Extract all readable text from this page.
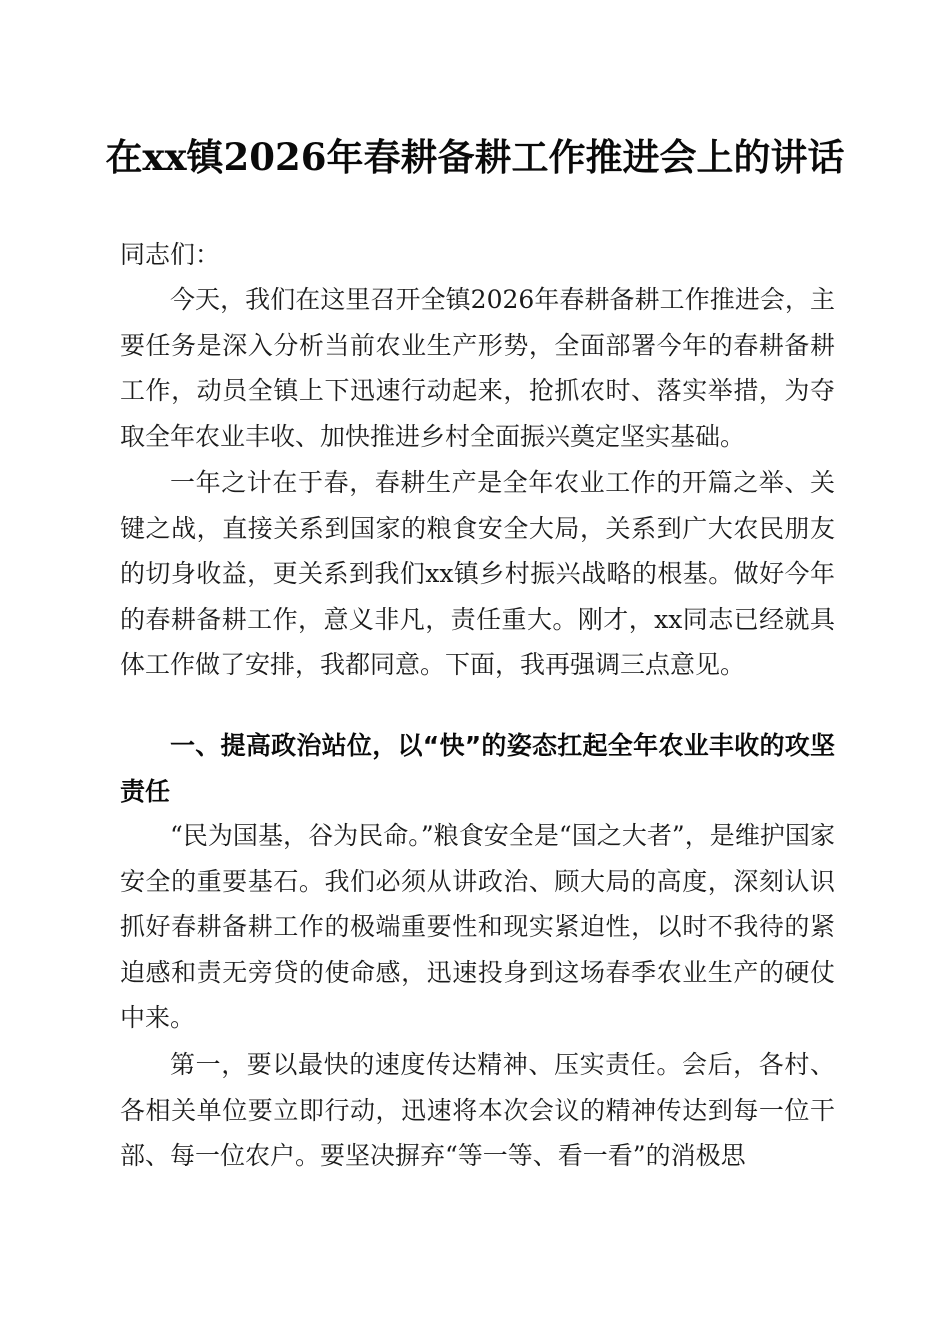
在xx镇2026年春耕备耕工作推进会上的讲话
同志们：

今天，我们在这里召开全镇2026年春耕备耕工作推进会，主要任务是深入分析当前农业生产形势，全面部署今年的春耕备耕工作，动员全镇上下迅速行动起来，抢抓农时、落实举措，为夺取全年农业丰收、加快推进乡村全面振兴奠定坚实基础。

一年之计在于春，春耕生产是全年农业工作的开篇之举、关键之战，直接关系到国家的粮食安全大局，关系到广大农民朋友的切身收益，更关系到我们xx镇乡村振兴战略的根基。做好今年的春耕备耕工作，意义非凡，责任重大。刚才，xx同志已经就具体工作做了安排，我都同意。下面，我再强调三点意见。

一、提高政治站位，以“快”的姿态扛起全年农业丰收的攻坚责任

“民为国基，谷为民命。”粮食安全是“国之大者”，是维护国家安全的重要基石。我们必须从讲政治、顾大局的高度，深刻认识抓好春耕备耕工作的极端重要性和现实紧迫性，以时不我待的紧迫感和责无旁贷的使命感，迅速投身到这场春季农业生产的硬仗中来。

第一，要以最快的速度传达精神、压实责任。会后，各村、各相关单位要立即行动，迅速将本次会议的精神传达到每一位干部、每一位农户。要坚决摒弃“等一等、看一看”的消极思
